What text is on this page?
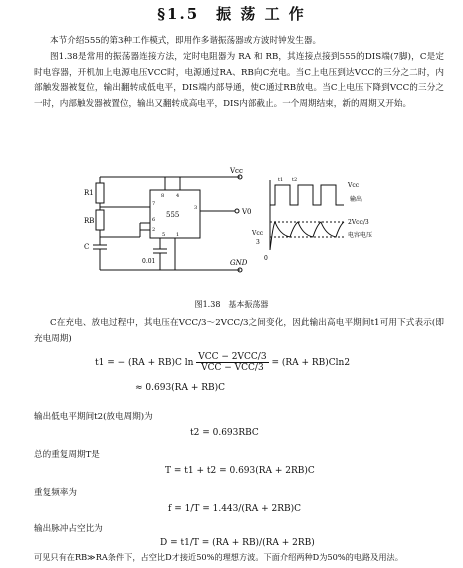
§1.5　振 荡 工 作
本节介绍555的第3种工作模式，即用作多谐振荡器或方波时钟发生器。
图1.38是常用的振荡器连接方法，定时电阻器为 RA 和 RB，其连接点接到555的DIS端(7脚)，C是定时电容器，开机加上电源电压VCC时，电源通过RA、RB向C充电。当C上电压到达VCC的三分之二时，内部触发器被复位，输出翻转成低电平，DIS端内部导通，使C通过RB放电。当C上电压下降到VCC的三分之一时，内部触发器被置位，输出又翻转成高电平，DIS内部截止。一个周期结束，新的周期又开始。
Vcc
GND
R1
RB
C
555
0.01
V0
8 4
7
3
6
2
5 1
Vcc
输出
2Vcc/3
电容电压
Vcc
3
0
t1 t2
图1.38　基本振荡器
C在充电、放电过程中，其电压在VCC/3～2VCC/3之间变化，因此输出高电平期间t1可用下式表示(即充电周期)
t1 = − (RA + RB)C $\ln \frac{\text{VCC − 2VCC/3}}{\text{VCC − VCC/3}} = (RA + RB)Cln2$
≈ 0.693(RA + RB)C
输出低电平期间t2(放电周期)为
t2 = 0.693RBC
总的重复周期T是
T = t1 + t2 = 0.693(RA + 2RB)C
重复频率为
f = 1/T = 1.443/(RA + 2RB)C
输出脉冲占空比为
D = t1/T = (RA + RB)/(RA + 2RB)
可见只有在RB≫RA条件下，占空比D才接近50%的理想方波。下面介绍两种D为50%的电路及用法。
